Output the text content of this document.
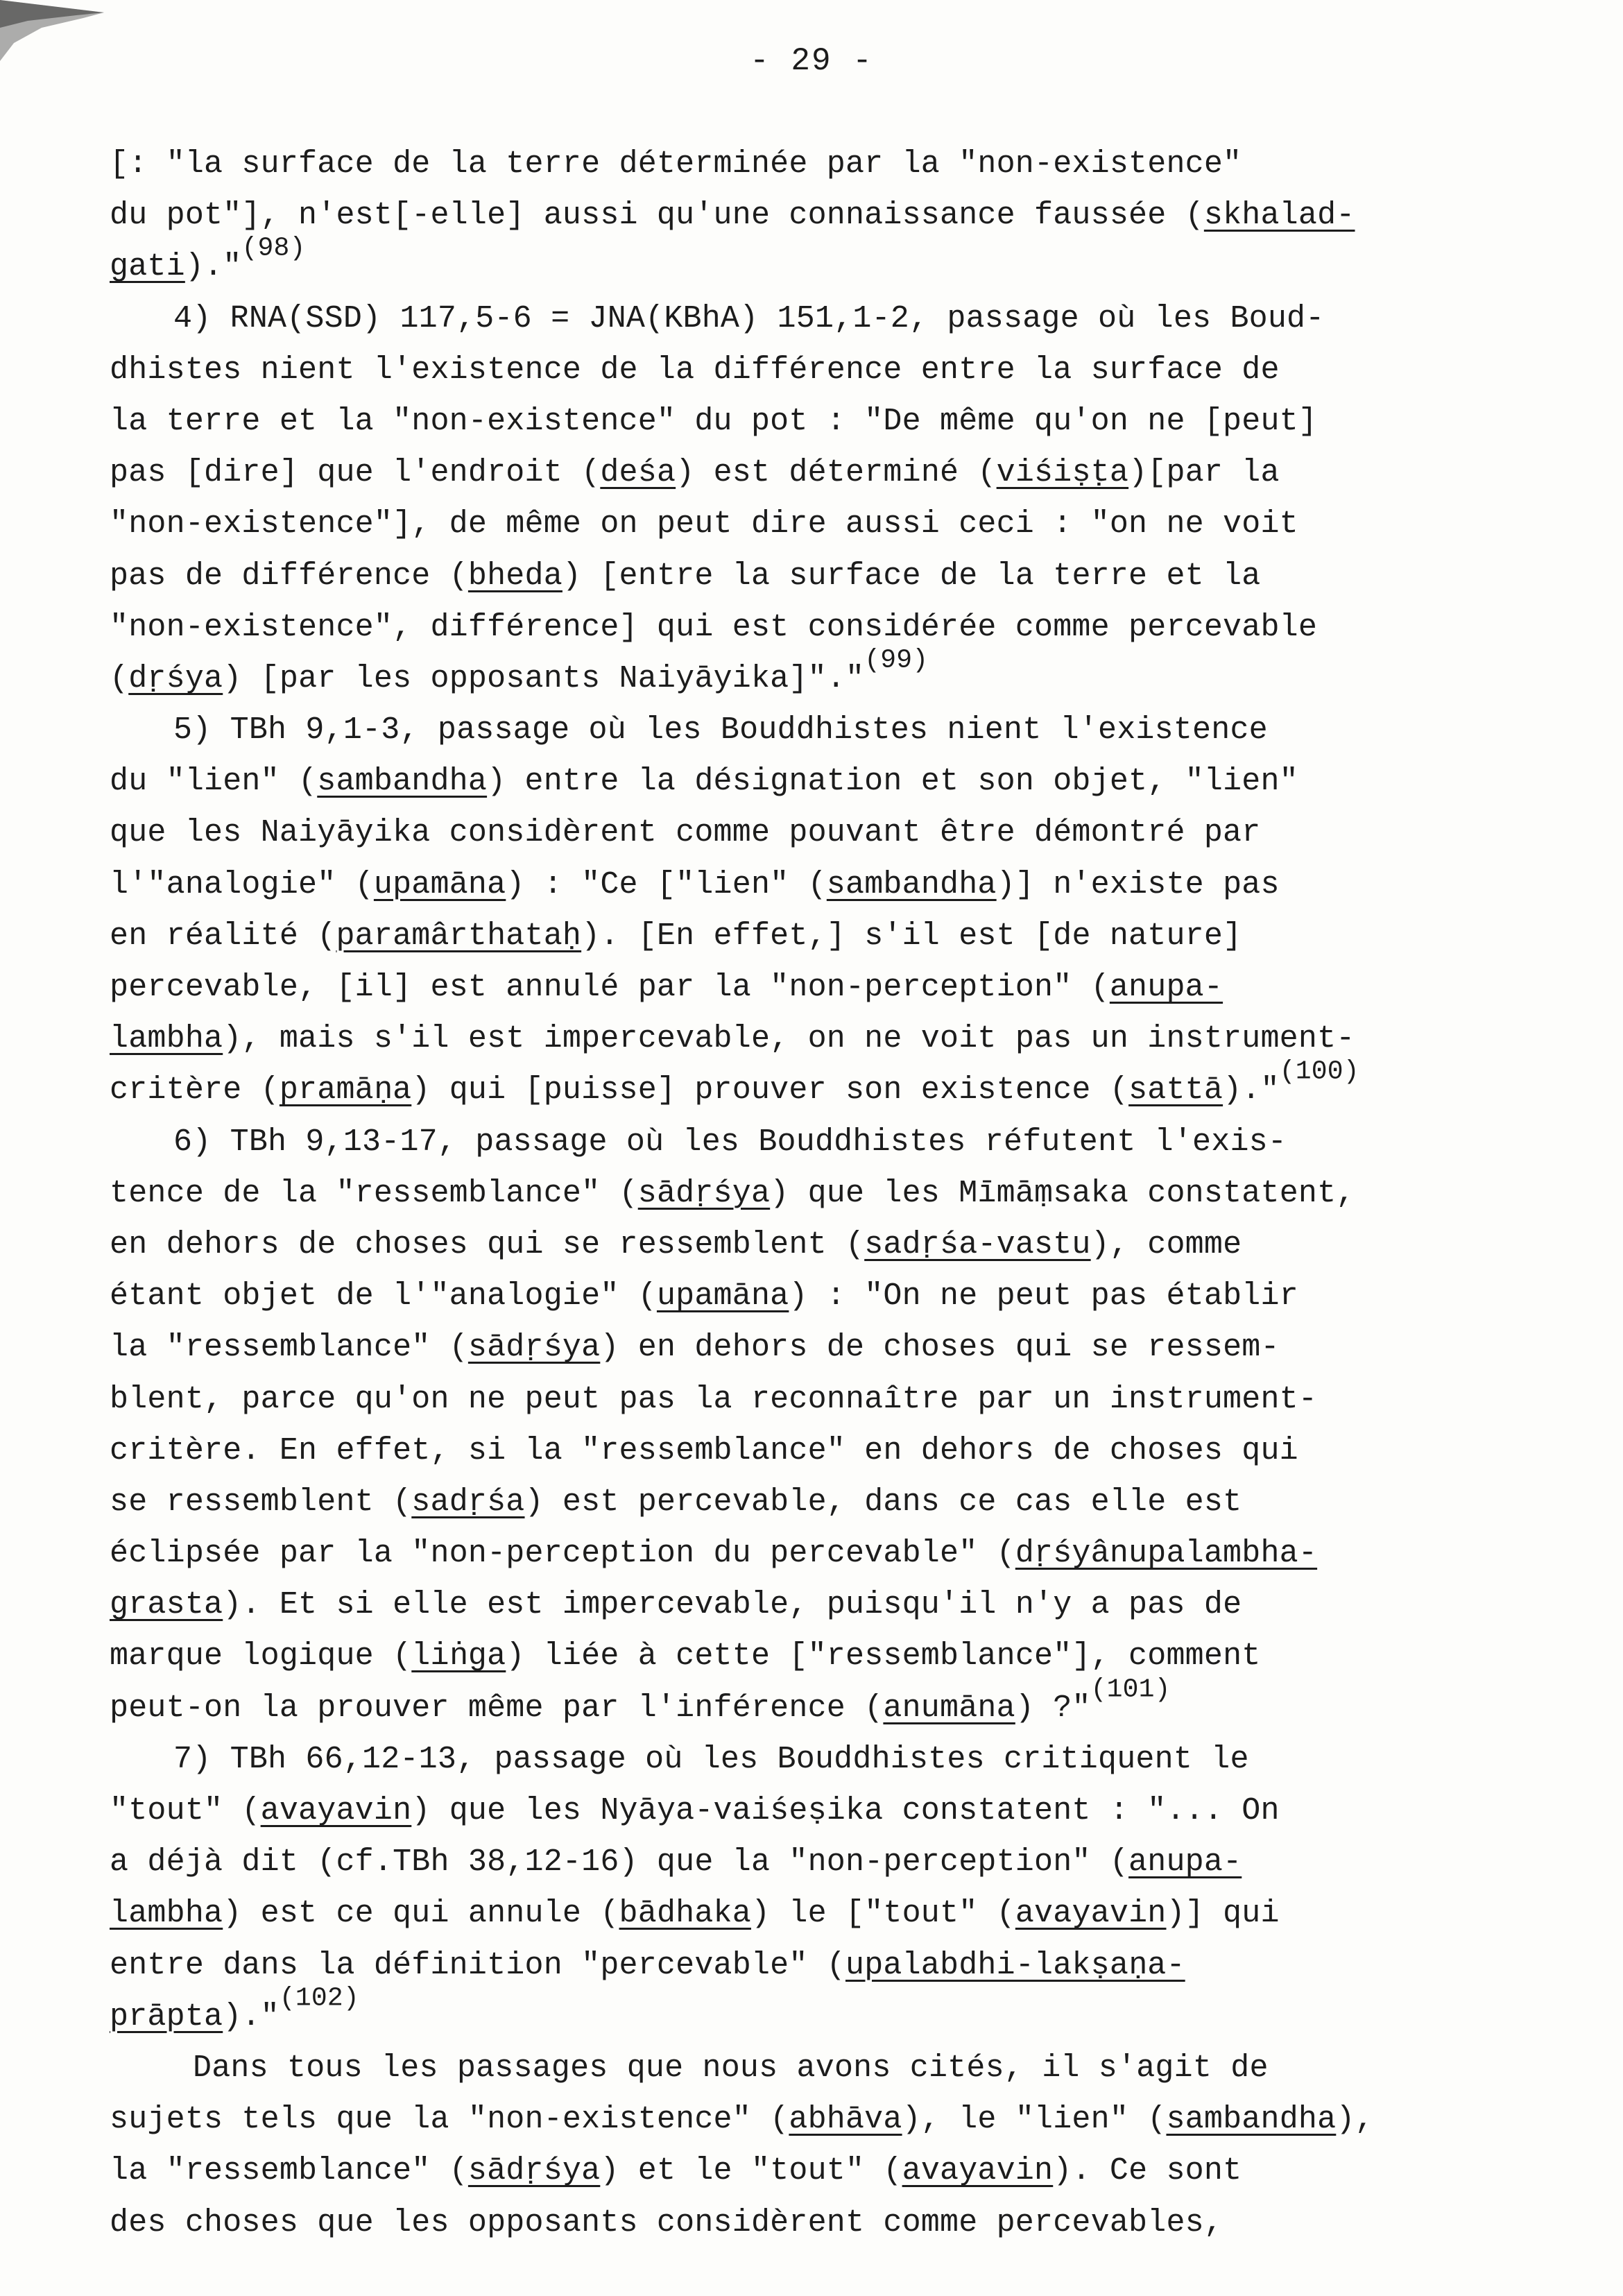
- 29 -
[: "la surface de la terre déterminée par la "non-existence"
du pot"], n'est[-elle] aussi qu'une connaissance faussée (skhalad-
gati)."$^{(98)}$
4) RNA(SSD) 117,5-6 = JNA(KBhA) 151,1-2, passage où les Boud-
dhistes nient l'existence de la différence entre la surface de
la terre et la "non-existence" du pot : "De même qu'on ne [peut]
pas [dire] que l'endroit (deśa) est déterminé (viśiṣṭa)[par la
"non-existence"], de même on peut dire aussi ceci : "on ne voit
pas de différence (bheda) [entre la surface de la terre et la
"non-existence", différence] qui est considérée comme percevable
(dṛśya) [par les opposants Naiyāyika]"."$^{(99)}$
5) TBh 9,1-3, passage où les Bouddhistes nient l'existence
du "lien" (sambandha) entre la désignation et son objet, "lien"
que les Naiyāyika considèrent comme pouvant être démontré par
l'"analogie" (upamāna) : "Ce ["lien" (sambandha)] n'existe pas
en réalité (paramârthataḥ). [En effet,] s'il est [de nature]
percevable, [il] est annulé par la "non-perception" (anupa-
lambha), mais s'il est impercevable, on ne voit pas un instrument-
critère (pramāṇa) qui [puisse] prouver son existence (sattā)."$^{(100)}$
6) TBh 9,13-17, passage où les Bouddhistes réfutent l'exis-
tence de la "ressemblance" (sādṛśya) que les Mīmāṃsaka constatent,
en dehors de choses qui se ressemblent (sadṛśa-vastu), comme
étant objet de l'"analogie" (upamāna) : "On ne peut pas établir
la "ressemblance" (sādṛśya) en dehors de choses qui se ressem-
blent, parce qu'on ne peut pas la reconnaître par un instrument-
critère. En effet, si la "ressemblance" en dehors de choses qui
se ressemblent (sadṛśa) est percevable, dans ce cas elle est
éclipsée par la "non-perception du percevable" (dṛśyânupalambha-
grasta). Et si elle est impercevable, puisqu'il n'y a pas de
marque logique (liṅga) liée à cette ["ressemblance"], comment
peut-on la prouver même par l'inférence (anumāna) ?"$^{(101)}$
7) TBh 66,12-13, passage où les Bouddhistes critiquent le
"tout" (avayavin) que les Nyāya-vaiśeṣika constatent : "... On
a déjà dit (cf.TBh 38,12-16) que la "non-perception" (anupa-
lambha) est ce qui annule (bādhaka) le ["tout" (avayavin)] qui
entre dans la définition "percevable" (upalabdhi-lakṣaṇa-
prāpta)."$^{(102)}$
Dans tous les passages que nous avons cités, il s'agit de
sujets tels que la "non-existence" (abhāva), le "lien" (sambandha),
la "ressemblance" (sādṛśya) et le "tout" (avayavin). Ce sont
des choses que les opposants considèrent comme percevables,
